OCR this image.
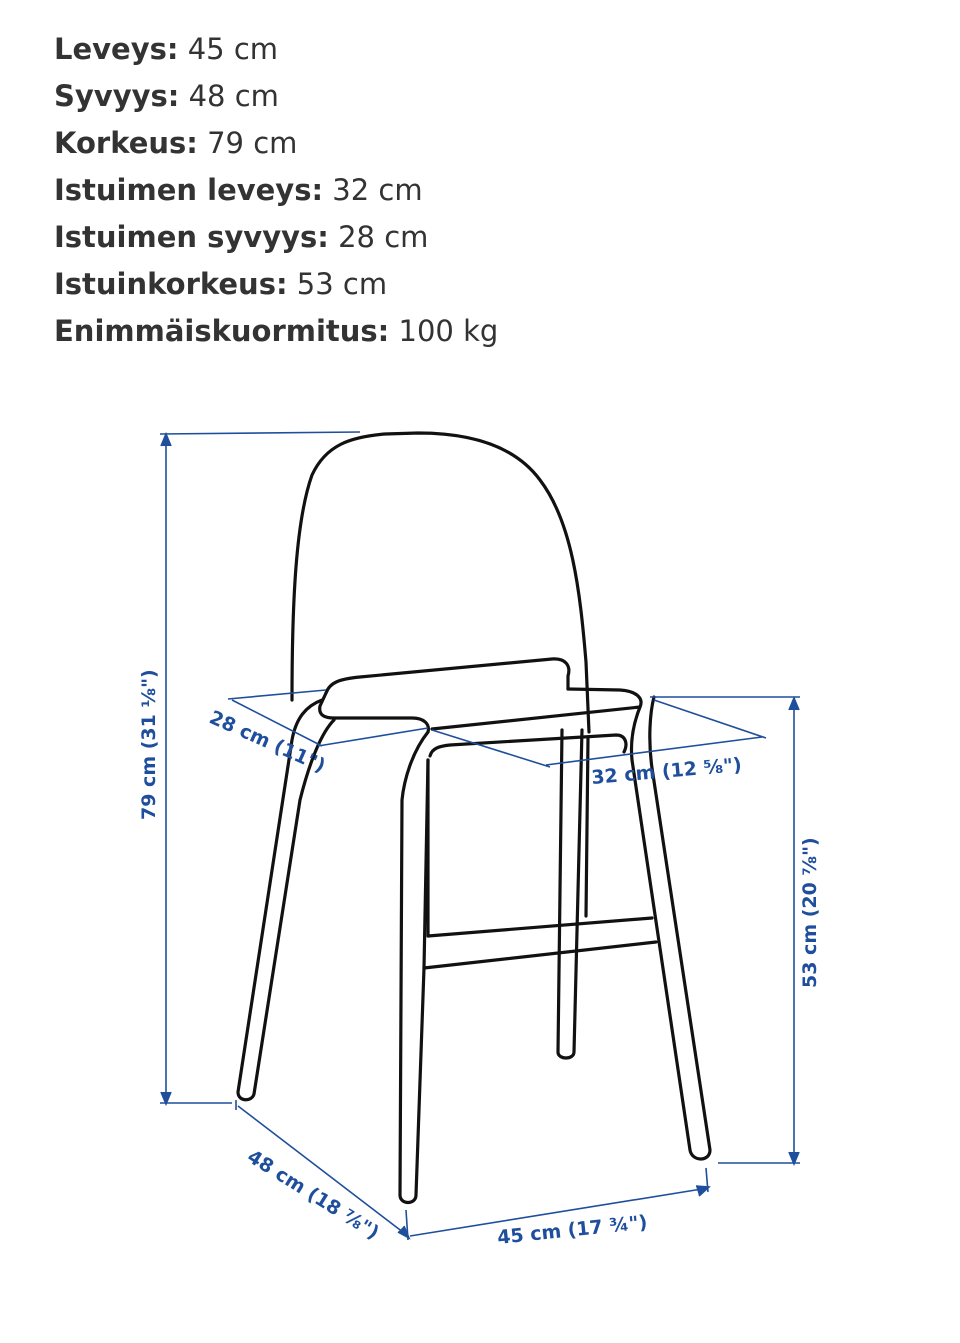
Leveys: 45 cm
Syvyys: 48 cm
Korkeus: 79 cm
Istuimen leveys: 32 cm
Istuimen syvyys: 28 cm
Istuinkorkeus: 53 cm
Enimmäiskuormitus: 100 kg
79 cm (31 ⅛")
53 cm (20 ⅞")
28 cm (11")	32 cm (12 ⅝")
48 cm (18 ⅞")	45 cm (17 ¾")
